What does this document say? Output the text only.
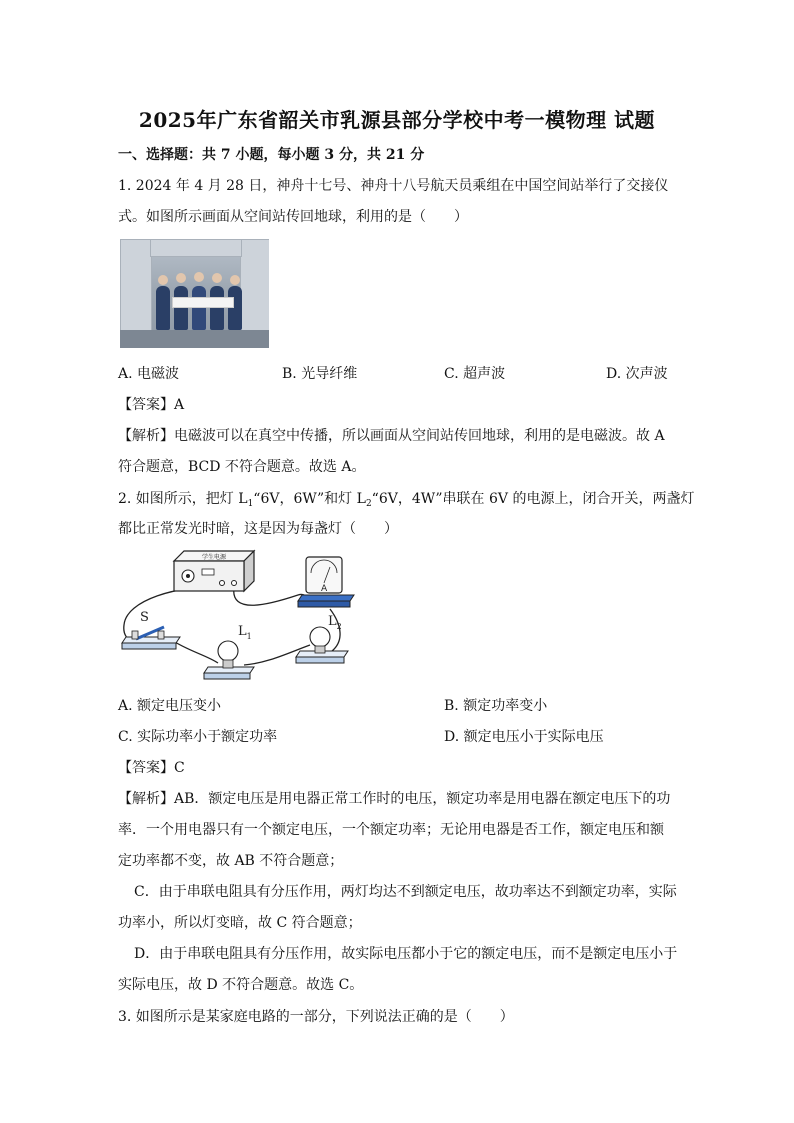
2025年广东省韶关市乳源县部分学校中考一模物理 试题
一、选择题：共 7 小题，每小题 3 分，共 21 分
1. 2024 年 4 月 28 日，神舟十七号、神舟十八号航天员乘组在中国空间站举行了交接仪
式。如图所示画面从空间站传回地球，利用的是（　　）
A. 电磁波	B. 光导纤维	C. 超声波	D. 次声波
【答案】A
【解析】电磁波可以在真空中传播，所以画面从空间站传回地球，利用的是电磁波。故 A
符合题意，BCD 不符合题意。故选 A。
2. 如图所示，把灯 $L_1“6V$，6W”和灯 $L_2“6V$，4W”串联在 6V 的电源上，闭合开关，两盏灯
都比正常发光时暗，这是因为每盏灯（　　）
学生电源
A
S
$L_1$
$L_2$
A. 额定电压变小	B. 额定功率变小
C. 实际功率小于额定功率	D. 额定电压小于实际电压
【答案】C
【解析】AB．额定电压是用电器正常工作时的电压，额定功率是用电器在额定电压下的功
率．一个用电器只有一个额定电压，一个额定功率；无论用电器是否工作，额定电压和额
定功率都不变，故 AB 不符合题意；
C．由于串联电阻具有分压作用，两灯均达不到额定电压，故功率达不到额定功率，实际
功率小，所以灯变暗，故 C 符合题意；
D．由于串联电阻具有分压作用，故实际电压都小于它的额定电压，而不是额定电压小于
实际电压，故 D 不符合题意。故选 C。
3. 如图所示是某家庭电路的一部分，下列说法正确的是（　　）
